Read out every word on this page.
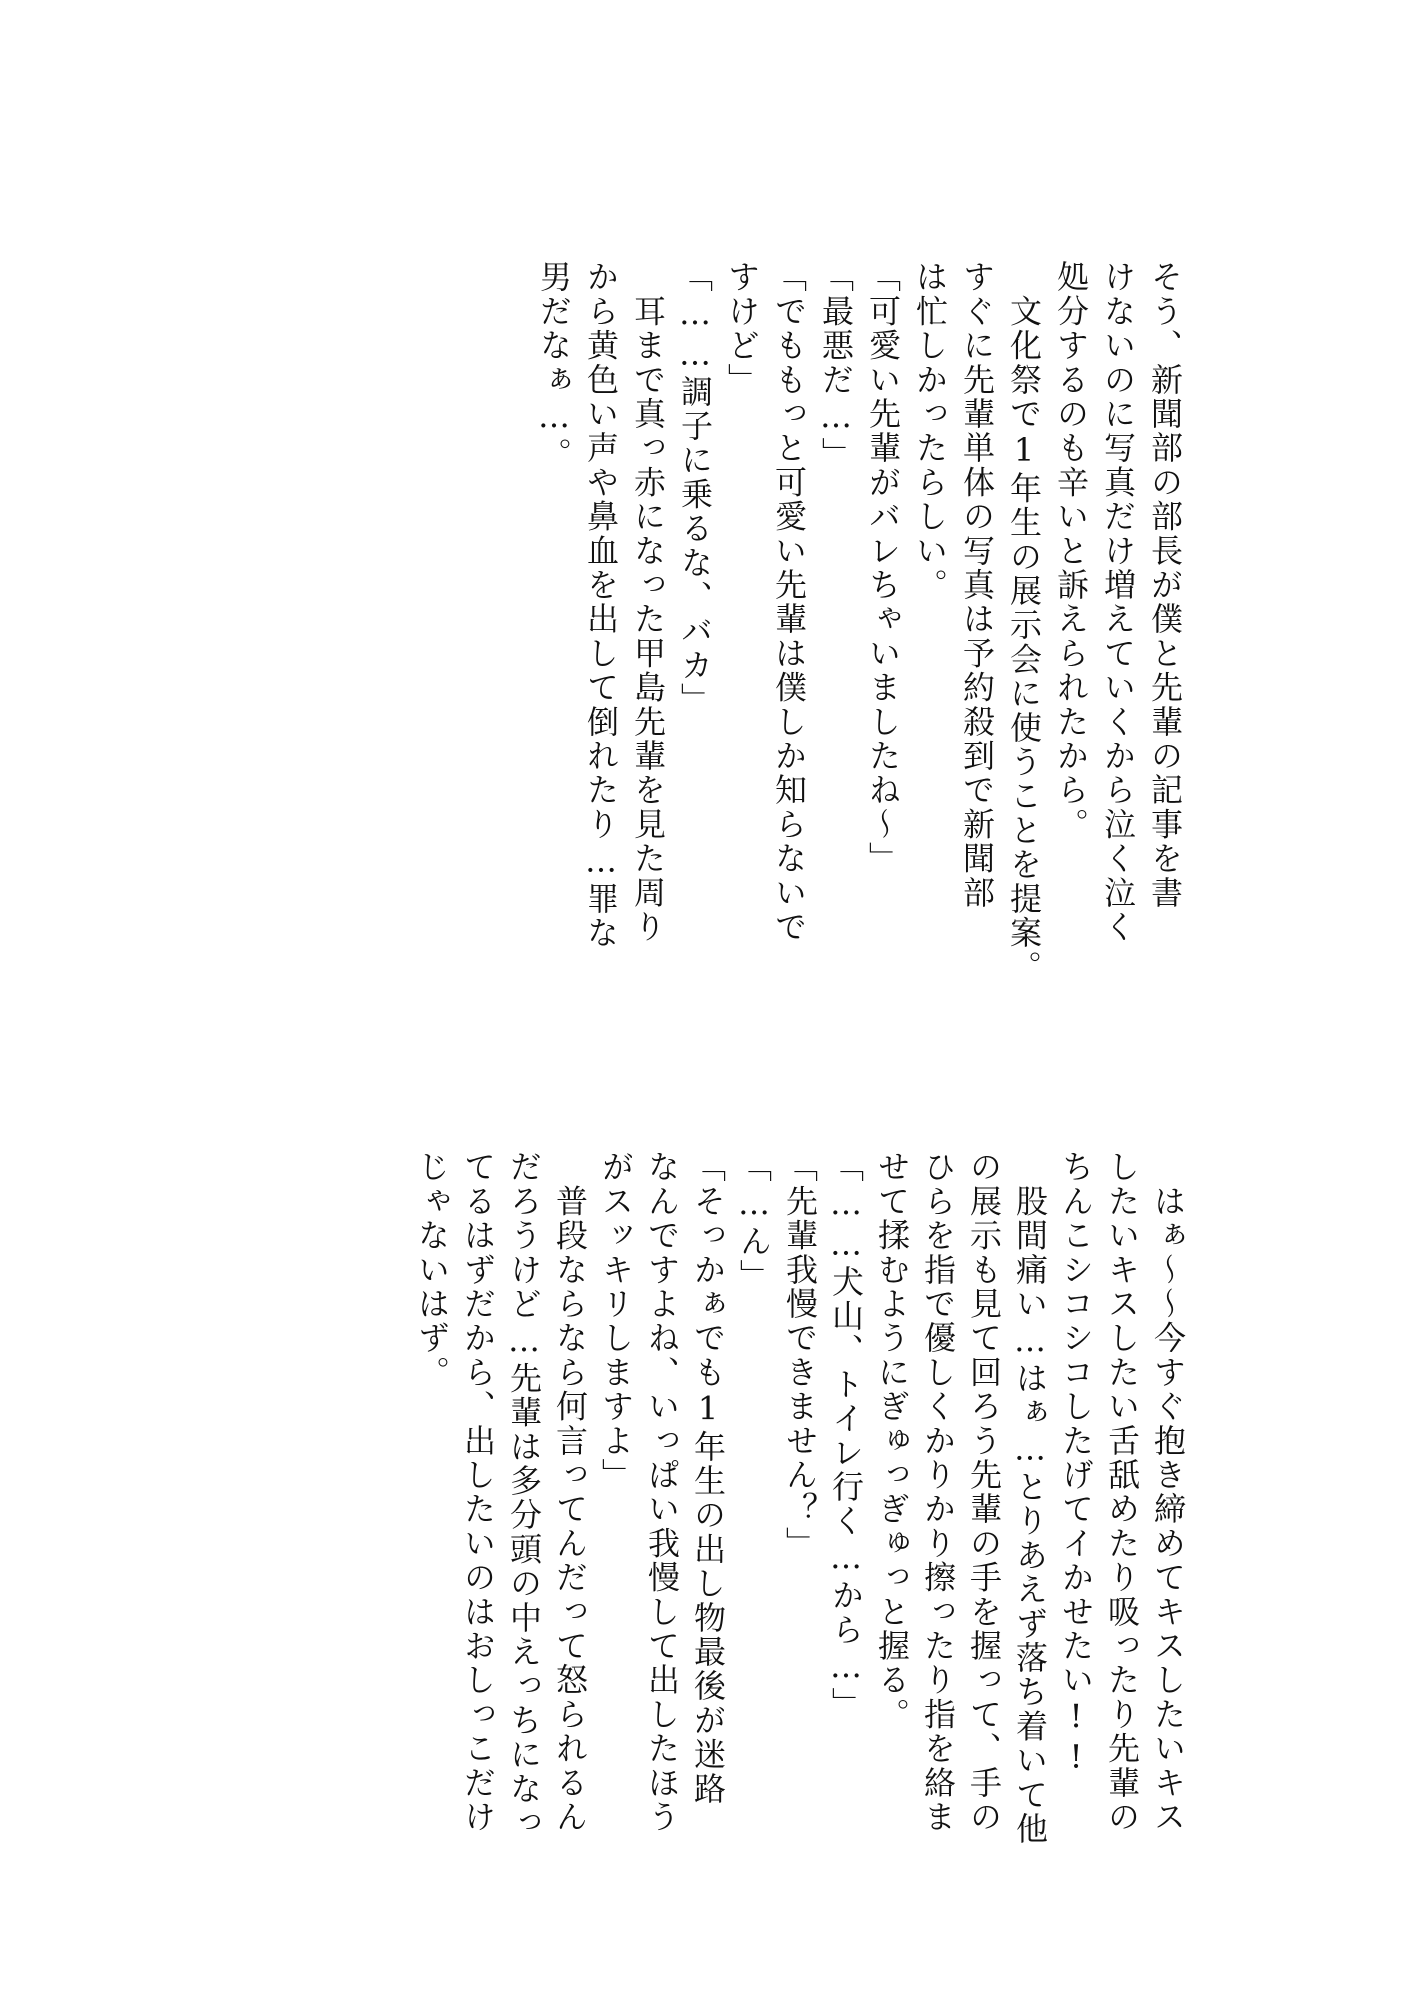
そう、新聞部の部長が僕と先輩の記事を書
けないのに写真だけ増えていくから泣く泣く
処分するのも辛いと訴えられたから。
　文化祭で1年生の展示会に使うことを提案。
すぐに先輩単体の写真は予約殺到で新聞部
は忙しかったらしい。
「可愛い先輩がバレちゃいましたね～」
「最悪だ…」
「でももっと可愛い先輩は僕しか知らないで
すけど」
「……調子に乗るな、バカ」
　耳まで真っ赤になった甲島先輩を見た周り
から黄色い声や鼻血を出して倒れたり…罪な
男だなぁ…。
　はぁ～～今すぐ抱き締めてキスしたいキス
したいキスしたい舌舐めたり吸ったり先輩の
ちんこシコシコしたげてイかせたい!!
　股間痛い…はぁ…とりあえず落ち着いて他
の展示も見て回ろう先輩の手を握って、手の
ひらを指で優しくかりかり擦ったり指を絡ま
せて揉むようにぎゅっぎゅっと握る。
「……犬山、トイレ行く…から…」
「先輩我慢できません？」
「…ん」
「そっかぁでも1年生の出し物最後が迷路
なんですよね、いっぱい我慢して出したほう
がスッキリしますよ」
　普段ならなら何言ってんだって怒られるん
だろうけど…先輩は多分頭の中えっちになっ
てるはずだから、出したいのはおしっこだけ
じゃないはず。
